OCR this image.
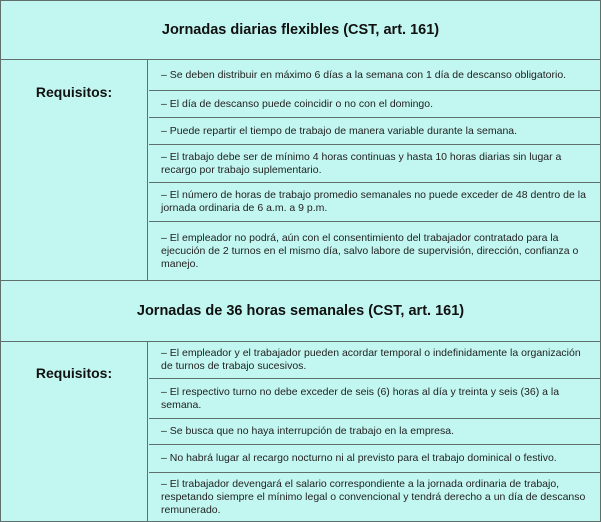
Jornadas diarias flexibles (CST, art. 161)
Requisitos:
‒ Se deben distribuir en máximo 6 días a la semana con 1 día de descanso obligatorio.
‒ El día de descanso puede coincidir o no con el domingo.
‒ Puede repartir el tiempo de trabajo de manera variable durante la semana.
‒ El trabajo debe ser de mínimo 4 horas continuas y hasta 10 horas diarias sin lugar a recargo por trabajo suplementario.
‒ El número de horas de trabajo promedio semanales no puede exceder de 48 dentro de la jornada ordinaria de 6 a.m. a 9 p.m.
‒ El empleador no podrá, aún con el consentimiento del trabajador contratado para la ejecución de 2 turnos en el mismo día, salvo labore de supervisión, dirección, confianza o manejo.
Jornadas de 36 horas semanales (CST, art. 161)
Requisitos:
‒ El empleador y el trabajador pueden acordar temporal o indefinidamente la organización de turnos de trabajo sucesivos.
‒ El respectivo turno no debe exceder de seis (6) horas al día y treinta y seis (36) a la semana.
‒ Se busca que no haya interrupción de trabajo en la empresa.
‒ No habrá lugar al recargo nocturno ni al previsto para el trabajo dominical o festivo.
‒ El trabajador devengará el salario correspondiente a la jornada ordinaria de trabajo, respetando siempre el mínimo legal o convencional y tendrá derecho a un día de descanso remunerado.
